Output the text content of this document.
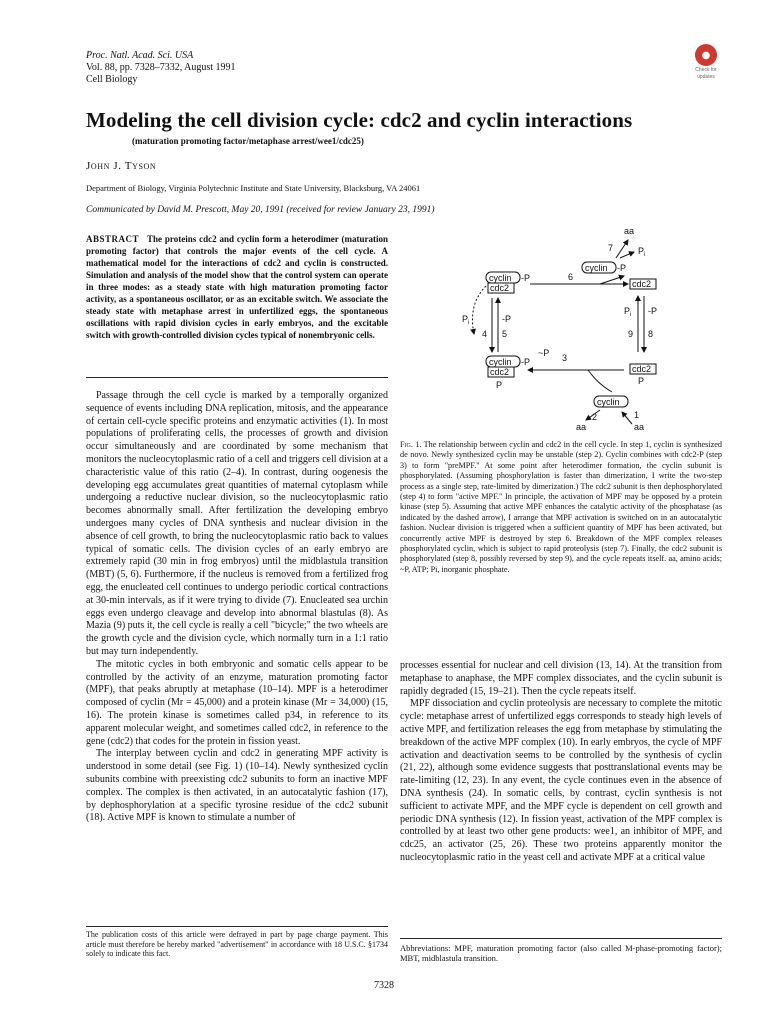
Proc. Natl. Acad. Sci. USA
Vol. 88, pp. 7328–7332, August 1991
Cell Biology
●
Check for
updates
Modeling the cell division cycle: cdc2 and cyclin interactions
(maturation promoting factor/metaphase arrest/wee1/cdc25)
John J. Tyson
Department of Biology, Virginia Polytechnic Institute and State University, Blacksburg, VA 24061
Communicated by David M. Prescott, May 20, 1991 (received for review January 23, 1991)
ABSTRACT The proteins cdc2 and cyclin form a heterodimer (maturation promoting factor) that controls the major events of the cell cycle. A mathematical model for the interactions of cdc2 and cyclin is constructed. Simulation and analysis of the model show that the control system can operate in three modes: as a steady state with high maturation promoting factor activity, as a spontaneous oscillator, or as an excitable switch. We associate the steady state with metaphase arrest in unfertilized eggs, the spontaneous oscillations with rapid division cycles in early embryos, and the excitable switch with growth-controlled division cycles typical of nonembryonic cells.

Passage through the cell cycle is marked by a temporally organized sequence of events including DNA replication, mitosis, and the appearance of certain cell-cycle specific proteins and enzymatic activities (1). In most populations of proliferating cells, the processes of growth and division occur simultaneously and are coordinated by some mechanism that monitors the nucleocytoplasmic ratio of a cell and triggers cell division at a characteristic value of this ratio (2–4). In contrast, during oogenesis the developing egg accumulates great quantities of maternal cytoplasm while undergoing a reductive nuclear division, so the nucleocytoplasmic ratio becomes abnormally small. After fertilization the developing embryo undergoes many cycles of DNA synthesis and nuclear division in the absence of cell growth, to bring the nucleocytoplasmic ratio back to values typical of somatic cells. The division cycles of an early embryo are extremely rapid (30 min in frog embryos) until the midblastula transition (MBT) (5, 6). Furthermore, if the nucleus is removed from a fertilized frog egg, the enucleated cell continues to undergo periodic cortical contractions at 30-min intervals, as if it were trying to divide (7). Enucleated sea urchin eggs even undergo cleavage and develop into abnormal blastulas (8). As Mazia (9) puts it, the cell cycle is really a cell "bicycle;" the two wheels are the growth cycle and the division cycle, which normally turn in a 1:1 ratio but may turn independently.

The mitotic cycles in both embryonic and somatic cells appear to be controlled by the activity of an enzyme, maturation promoting factor (MPF), that peaks abruptly at metaphase (10–14). MPF is a heterodimer composed of cyclin (Mr = 45,000) and a protein kinase (Mr = 34,000) (15, 16). The protein kinase is sometimes called p34, in reference to its apparent molecular weight, and sometimes called cdc2, in reference to the gene (cdc2) that codes for the protein in fission yeast.

The interplay between cyclin and cdc2 in generating MPF activity is understood in some detail (see Fig. 1) (10–14). Newly synthesized cyclin subunits combine with preexisting cdc2 subunits to form an inactive MPF complex. The complex is then activated, in an autocatalytic fashion (17), by dephosphorylation at a specific tyrosine residue of the cdc2 subunit (18). Active MPF is known to stimulate a number of

aa
7	$P_i$
cyclin -P
cyclin -P
cdc2
6
cdc2
$P_i$	-P
4 5
$P_i$ -P
9 8
cyclin -P
cdc2
P
~P 3
cdc2
P
cyclin
2	1
aa	aa
Fig. 1. The relationship between cyclin and cdc2 in the cell cycle. In step 1, cyclin is synthesized de novo. Newly synthesized cyclin may be unstable (step 2). Cyclin combines with cdc2-P (step 3) to form "preMPF." At some point after heterodimer formation, the cyclin subunit is phosphorylated. (Assuming phosphorylation is faster than dimerization, I write the two-step process as a single step, rate-limited by dimerization.) The cdc2 subunit is then dephosphorylated (step 4) to form "active MPF." In principle, the activation of MPF may be opposed by a protein kinase (step 5). Assuming that active MPF enhances the catalytic activity of the phosphatase (as indicated by the dashed arrow), I arrange that MPF activation is switched on in an autocatalytic fashion. Nuclear division is triggered when a sufficient quantity of MPF has been activated, but concurrently active MPF is destroyed by step 6. Breakdown of the MPF complex releases phosphorylated cyclin, which is subject to rapid proteolysis (step 7). Finally, the cdc2 subunit is phosphorylated (step 8, possibly reversed by step 9), and the cycle repeats itself. aa, amino acids; ~P, ATP; Pi, inorganic phosphate.

processes essential for nuclear and cell division (13, 14). At the transition from metaphase to anaphase, the MPF complex dissociates, and the cyclin subunit is rapidly degraded (15, 19–21). Then the cycle repeats itself.

MPF dissociation and cyclin proteolysis are necessary to complete the mitotic cycle: metaphase arrest of unfertilized eggs corresponds to steady high levels of active MPF, and fertilization releases the egg from metaphase by stimulating the breakdown of the active MPF complex (10). In early embryos, the cycle of MPF activation and deactivation seems to be controlled by the synthesis of cyclin (21, 22), although some evidence suggests that posttranslational events may be rate-limiting (12, 23). In any event, the cycle continues even in the absence of DNA synthesis (24). In somatic cells, by contrast, cyclin synthesis is not sufficient to activate MPF, and the MPF cycle is dependent on cell growth and periodic DNA synthesis (12). In fission yeast, activation of the MPF complex is controlled by at least two other gene products: wee1, an inhibitor of MPF, and cdc25, an activator (25, 26). These two proteins apparently monitor the nucleocytoplasmic ratio in the yeast cell and activate MPF at a critical value

The publication costs of this article were defrayed in part by page charge payment. This article must therefore be hereby marked "advertisement" in accordance with 18 U.S.C. §1734 solely to indicate this fact.
Abbreviations: MPF, maturation promoting factor (also called M-phase-promoting factor); MBT, midblastula transition.
7328
